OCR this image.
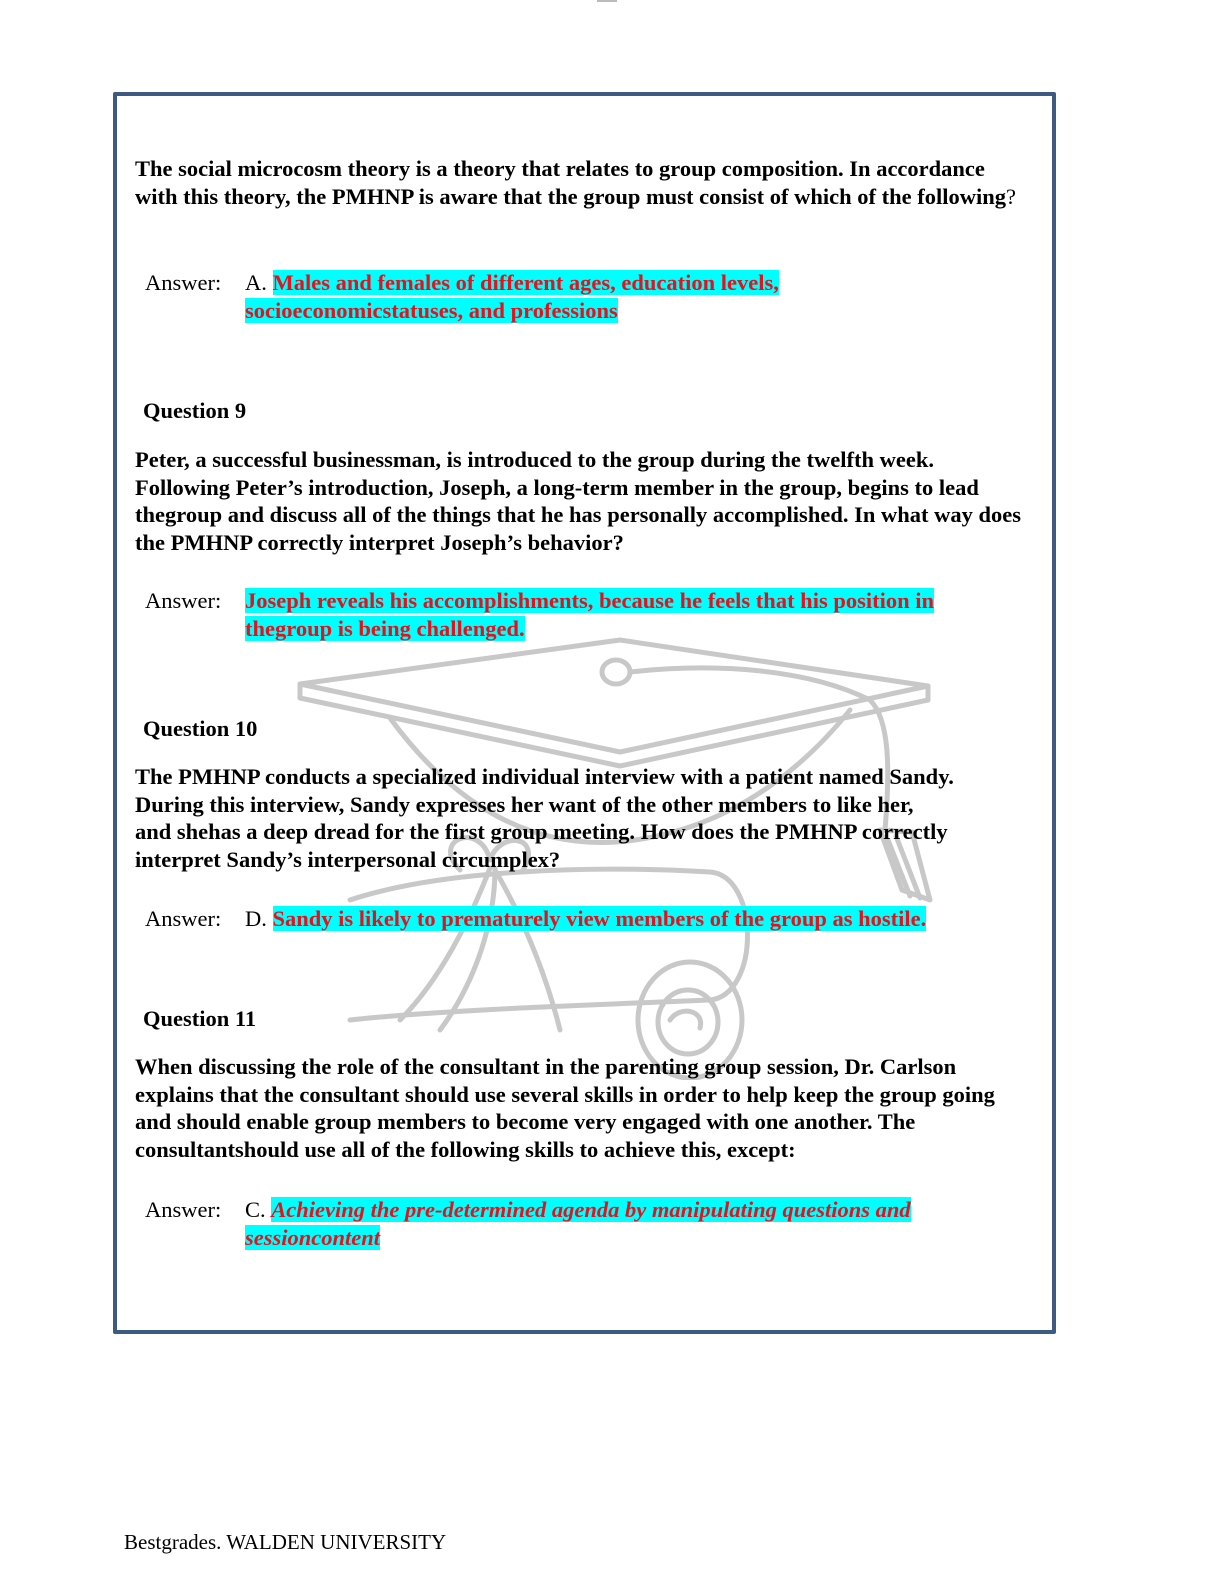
The social microcosm theory is a theory that relates to group composition. In accordance with this theory, the PMHNP is aware that the group must consist of which of the following?

Answer: A. Males and females of different ages, education levels, socioeconomicstatuses, and professions

Question 9

Peter, a successful businessman, is introduced to the group during the twelfth week. Following Peter’s introduction, Joseph, a long-term member in the group, begins to lead thegroup and discuss all of the things that he has personally accomplished. In what way does the PMHNP correctly interpret Joseph’s behavior?

Answer: Joseph reveals his accomplishments, because he feels that his position in thegroup is being challenged.

Question 10

The PMHNP conducts a specialized individual interview with a patient named Sandy. During this interview, Sandy expresses her want of the other members to like her, and shehas a deep dread for the first group meeting. How does the PMHNP correctly interpret Sandy’s interpersonal circumplex?

Answer: D. Sandy is likely to prematurely view members of the group as hostile.

Question 11

When discussing the role of the consultant in the parenting group session, Dr. Carlson explains that the consultant should use several skills in order to help keep the group going and should enable group members to become very engaged with one another. The consultantshould use all of the following skills to achieve this, except:

Answer: C. Achieving the pre-determined agenda by manipulating questions and sessioncontent

Bestgrades. WALDEN UNIVERSITY
